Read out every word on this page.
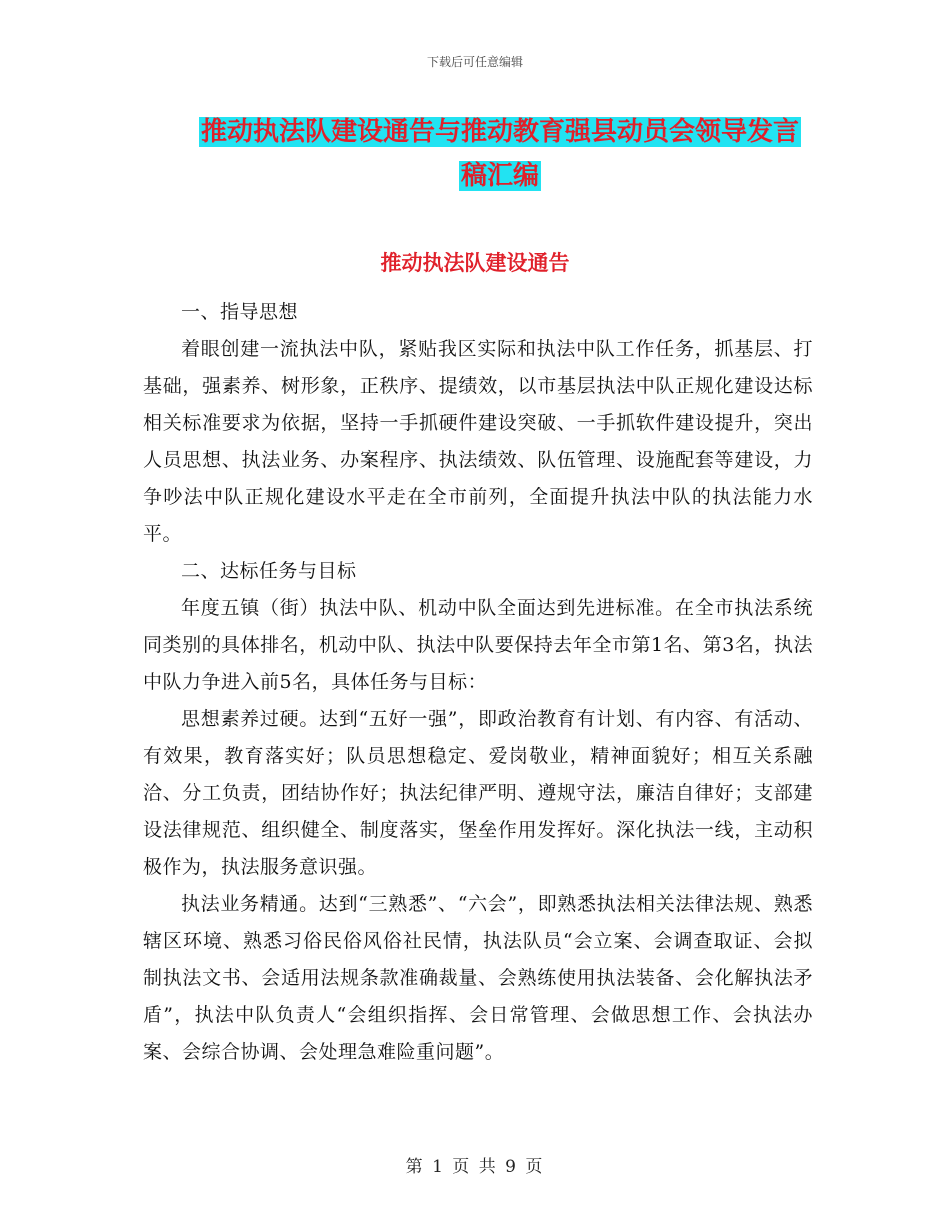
下载后可任意编辑
推动执法队建设通告与推动教育强县动员会领导发言
稿汇编
推动执法队建设通告

一、指导思想

着眼创建一流执法中队，紧贴我区实际和执法中队工作任务，抓基层、打基础，强素养、树形象，正秩序、提绩效，以市基层执法中队正规化建设达标相关标准要求为依据，坚持一手抓硬件建设突破、一手抓软件建设提升，突出人员思想、执法业务、办案程序、执法绩效、队伍管理、设施配套等建设，力争吵法中队正规化建设水平走在全市前列，全面提升执法中队的执法能力水平。

二、达标任务与目标

年度五镇（街）执法中队、机动中队全面达到先进标准。在全市执法系统同类别的具体排名，机动中队、执法中队要保持去年全市第1名、第3名，执法中队力争进入前5名，具体任务与目标：

思想素养过硬。达到“五好一强”，即政治教育有计划、有内容、有活动、有效果，教育落实好；队员思想稳定、爱岗敬业，精神面貌好；相互关系融洽、分工负责，团结协作好；执法纪律严明、遵规守法，廉洁自律好；支部建设法律规范、组织健全、制度落实，堡垒作用发挥好。深化执法一线，主动积极作为，执法服务意识强。

执法业务精通。达到“三熟悉”、“六会”，即熟悉执法相关法律法规、熟悉辖区环境、熟悉习俗民俗风俗社民情，执法队员“会立案、会调查取证、会拟制执法文书、会适用法规条款准确裁量、会熟练使用执法装备、会化解执法矛盾”，执法中队负责人“会组织指挥、会日常管理、会做思想工作、会执法办案、会综合协调、会处理急难险重问题”。

第 1 页 共 9 页
